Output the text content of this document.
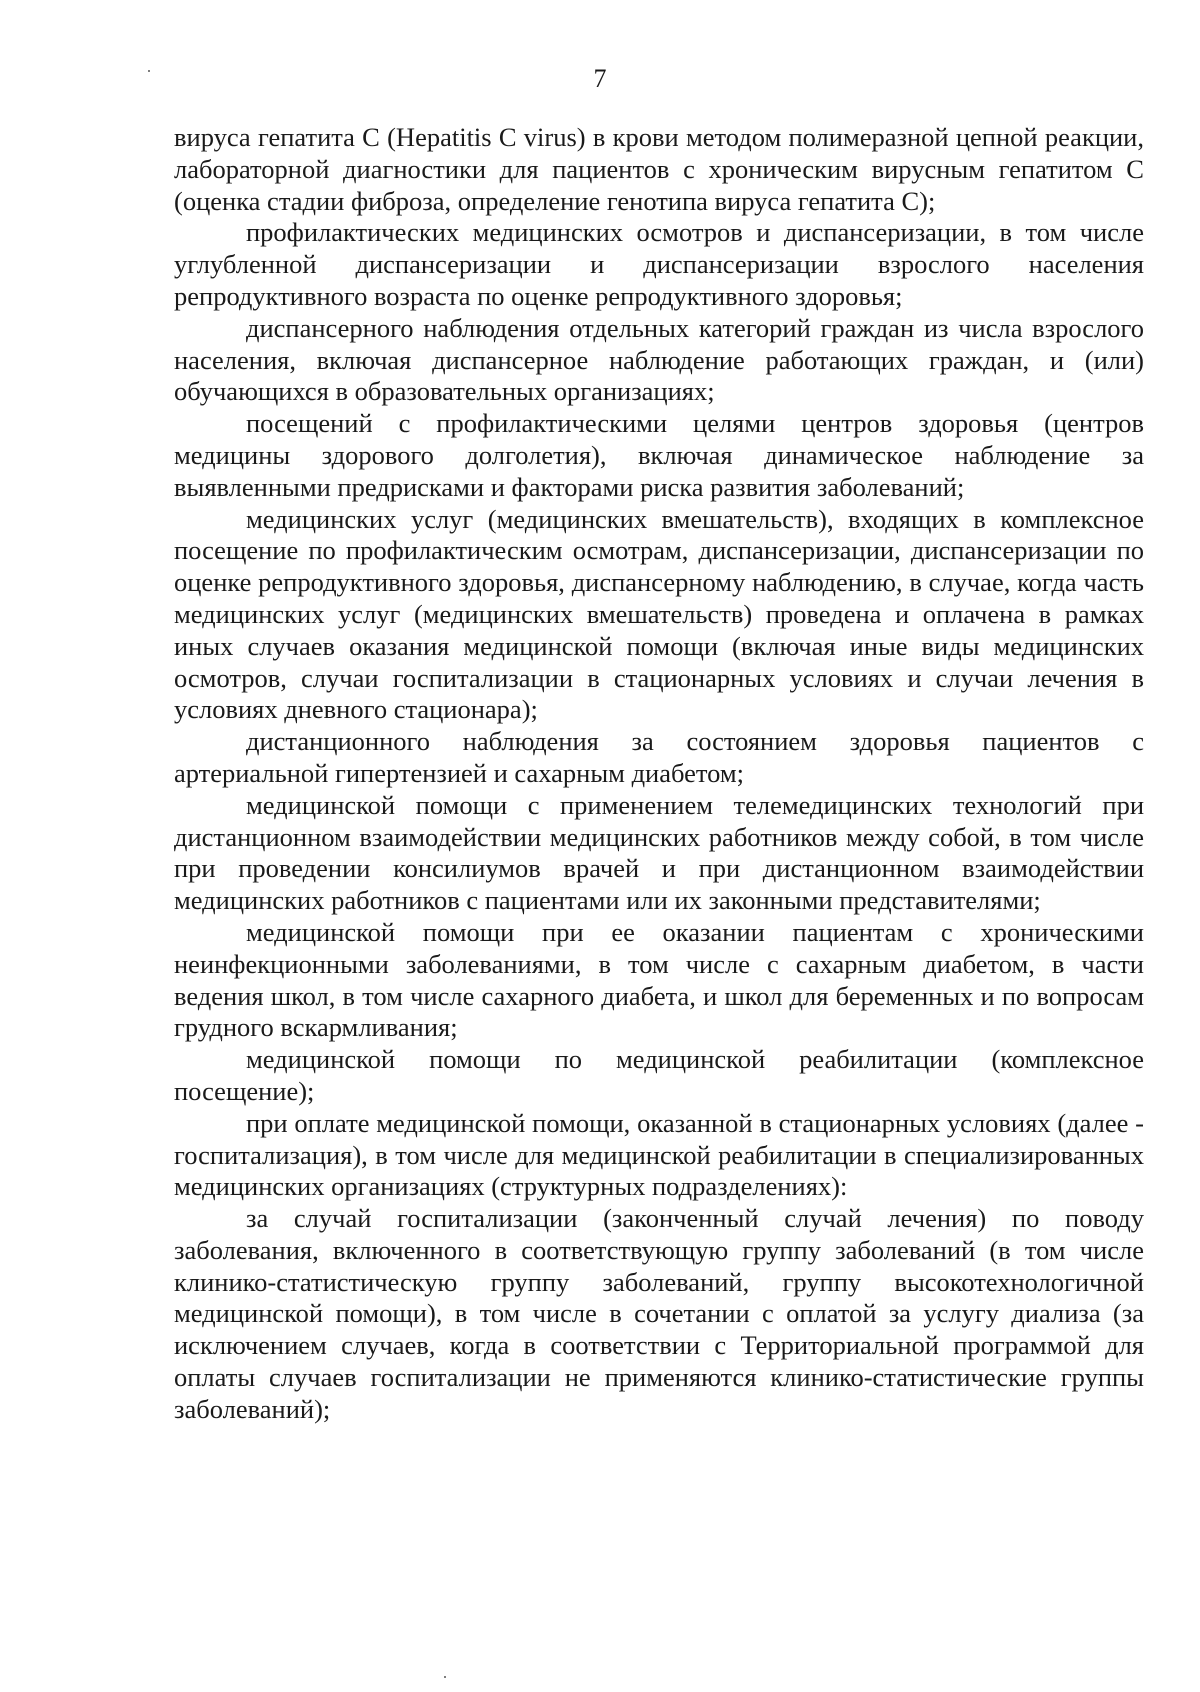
7

вируса гепатита C (Hepatitis C virus) в крови методом полимеразной цепной реакции, лабораторной диагностики для пациентов с хроническим вирусным гепатитом C (оценка стадии фиброза, определение генотипа вируса гепатита C);

профилактических медицинских осмотров и диспансеризации, в том числе углубленной диспансеризации и диспансеризации взрослого населения репродуктивного возраста по оценке репродуктивного здоровья;

диспансерного наблюдения отдельных категорий граждан из числа взрослого населения, включая диспансерное наблюдение работающих граждан, и (или) обучающихся в образовательных организациях;

посещений с профилактическими целями центров здоровья (центров медицины здорового долголетия), включая динамическое наблюдение за выявленными предрисками и факторами риска развития заболеваний;

медицинских услуг (медицинских вмешательств), входящих в комплексное посещение по профилактическим осмотрам, диспансеризации, диспансеризации по оценке репродуктивного здоровья, диспансерному наблюдению, в случае, когда часть медицинских услуг (медицинских вмешательств) проведена и оплачена в рамках иных случаев оказания медицинской помощи (включая иные виды медицинских осмотров, случаи госпитализации в стационарных условиях и случаи лечения в условиях дневного стационара);

дистанционного наблюдения за состоянием здоровья пациентов с артериальной гипертензией и сахарным диабетом;

медицинской помощи с применением телемедицинских технологий при дистанционном взаимодействии медицинских работников между собой, в том числе при проведении консилиумов врачей и при дистанционном взаимодействии медицинских работников с пациентами или их законными представителями;

медицинской помощи при ее оказании пациентам с хроническими неинфекционными заболеваниями, в том числе с сахарным диабетом, в части ведения школ, в том числе сахарного диабета, и школ для беременных и по вопросам грудного вскармливания;

медицинской помощи по медицинской реабилитации (комплексное посещение);

при оплате медицинской помощи, оказанной в стационарных условиях (далее - госпитализация), в том числе для медицинской реабилитации в специализированных медицинских организациях (структурных подразделениях):

за случай госпитализации (законченный случай лечения) по поводу заболевания, включенного в соответствующую группу заболеваний (в том числе клинико-статистическую группу заболеваний, группу высокотехнологичной медицинской помощи), в том числе в сочетании с оплатой за услугу диализа (за исключением случаев, когда в соответствии с Территориальной программой для оплаты случаев госпитализации не применяются клинико-статистические группы заболеваний);
